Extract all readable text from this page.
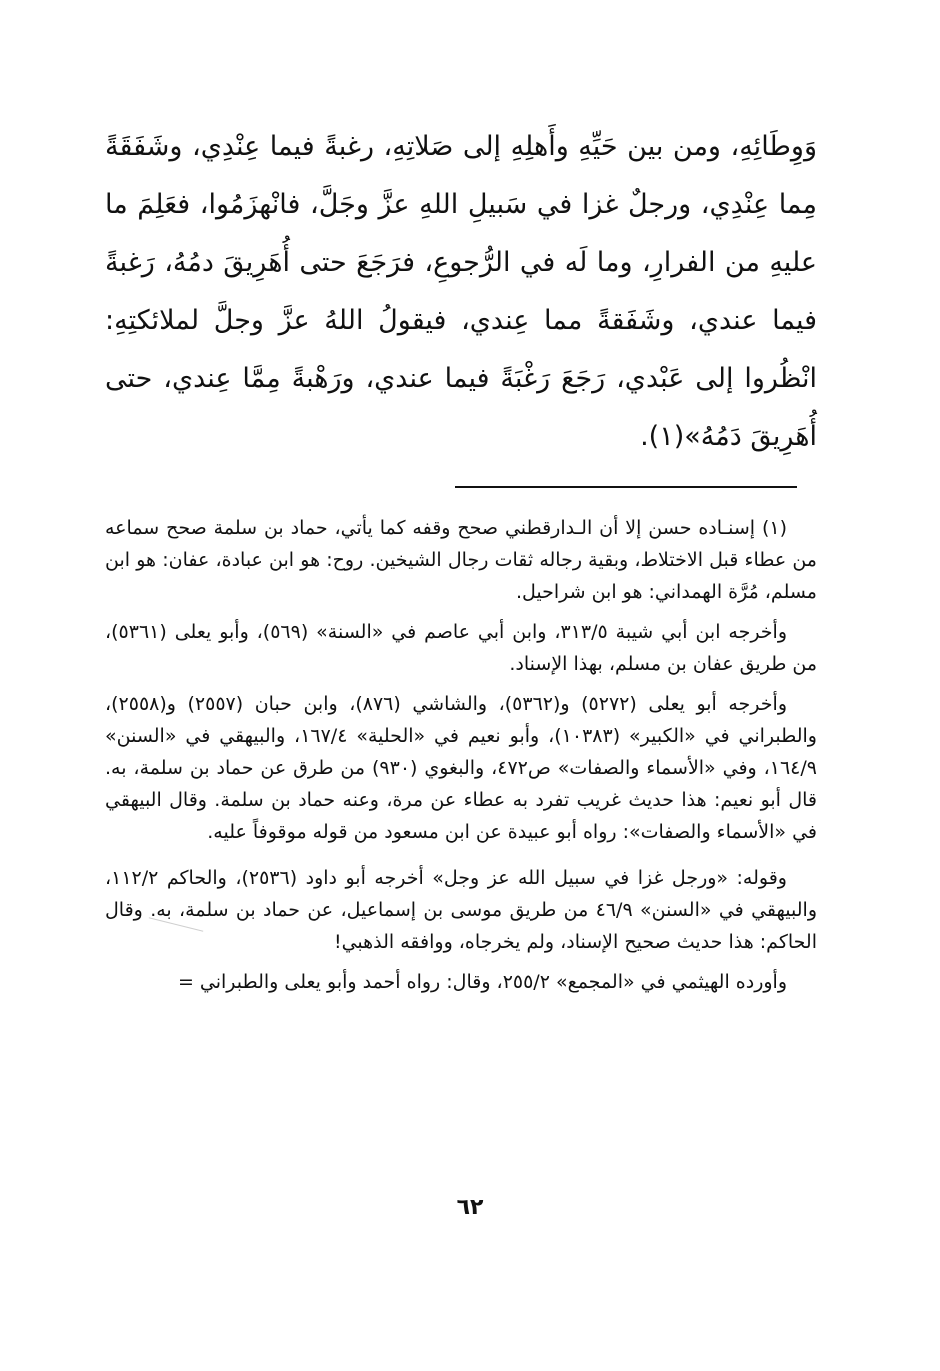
وَوِطَائِهِ، ومن بين حَيِّهِ وأَهلِهِ إلى صَلاتِهِ، رغبةً فيما عِنْدِي، وشَفَقَةً مِما عِنْدِي، ورجلٌ غزا في سَبيلِ اللهِ عزَّ وجَلَّ، فانْهزَمُوا، فعَلِمَ ما عليهِ من الفرارِ، وما لَه في الرُّجوعِ، فرَجَعَ حتى أُهَرِيقَ دمُهُ، رَغبةً فيما عندي، وشَفَقةً مما عِندي، فيقولُ اللهُ عزَّ وجلَّ لملائكتِهِ: انْظُروا إلى عَبْدي، رَجَعَ رَغْبَةً فيما عندي، ورَهْبةً مِمَّا عِندي، حتى أُهَرِيقَ دَمُهُ»(١).

(١) إسنـاده حسن إلا أن الـدارقطني صحح وقفه كما يأتي، حماد بن سلمة صحح سماعه من عطاء قبل الاختلاط، وبقية رجاله ثقات رجال الشيخين. روح: هو ابن عبادة، عفان: هو ابن مسلم، مُرَّة الهمداني: هو ابن شراحيل.

وأخرجه ابن أبي شيبة ٣١٣/٥، وابن أبي عاصم في «السنة» (٥٦٩)، وأبو يعلى (٥٣٦١)، من طريق عفان بن مسلم، بهذا الإسناد.

وأخرجه أبو يعلى (٥٢٧٢) و(٥٣٦٢)، والشاشي (٨٧٦)، وابن حبان (٢٥٥٧) و(٢٥٥٨)، والطبراني في «الكبير» (١٠٣٨٣)، وأبو نعيم في «الحلية» ١٦٧/٤، والبيهقي في «السنن» ١٦٤/٩، وفي «الأسماء والصفات» ص٤٧٢، والبغوي (٩٣٠) من طرق عن حماد بن سلمة، به. قال أبو نعيم: هذا حديث غريب تفرد به عطاء عن مرة، وعنه حماد بن سلمة. وقال البيهقي في «الأسماء والصفات»: رواه أبو عبيدة عن ابن مسعود من قوله موقوفاً عليه.

وقوله: «ورجل غزا في سبيل الله عز وجل» أخرجه أبو داود (٢٥٣٦)، والحاكم ١١٢/٢، والبيهقي في «السنن» ٤٦/٩ من طريق موسى بن إسماعيل، عن حماد بن سلمة، به. وقال الحاكم: هذا حديث صحيح الإسناد، ولم يخرجاه، ووافقه الذهبي!

وأورده الهيثمي في «المجمع» ٢٥٥/٢، وقال: رواه أحمد وأبو يعلى والطبراني =

٦٢
